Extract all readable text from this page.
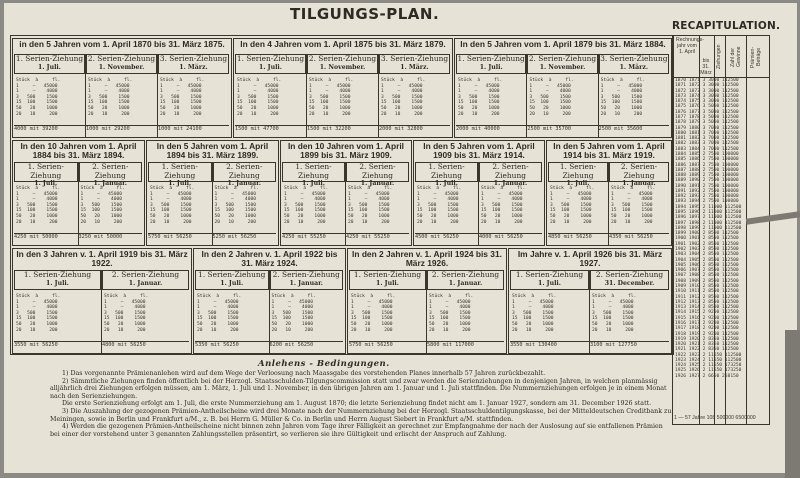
TILGUNGS-PLAN.
RECAPITULATION.
in den 5 Jahren vom 1. April 1870 bis 31. März 1875.
1. Serien-Ziehung
1. Juli.
Stück  à     fl.
1     —   45000
1     —    4000
3   500    1500
15  100    1500
50   20    1000
20   10     200
4000 mit 39200
2. Serien-Ziehung
1. November.
Stück  à     fl.
1     —   45000
1     —    4000
3   500    1500
15  100    1500
50   20    1000
20   10     200
1000 mit 29200
3. Serien-Ziehung
1. März.
Stück  à     fl.
1     —   45000
1     —    4000
3   500    1500
15  100    1500
50   20    1000
20   10     200
1000 mit 24100
In den 4 Jahren vom 1. April 1875 bis 31. März 1879.
1. Serien-Ziehung
1. Juli.
Stück  à     fl.
1     —   45000
1     —    4000
3   500    1500
15  100    1500
50   20    1000
20   10     200
1500 mit 47700
2. Serien-Ziehung
1. November.
Stück  à     fl.
1     —   45000
1     —    4000
3   500    1500
15  100    1500
50   20    1000
20   10     200
1500 mit 32200
3. Serien-Ziehung
1. März.
Stück  à     fl.
1     —   45000
1     —    4000
3   500    1500
15  100    1500
50   20    1000
20   10     200
2000 mit 32800
In den 5 Jahren vom 1. April 1879 bis 31. März 1884.
1. Serien-Ziehung
1. Juli.
Stück  à     fl.
1     —   45000
1     —    4000
3   500    1500
15  100    1500
50   20    1000
20   10     200
2000 mit 40000
2. Serien-Ziehung
1. November.
Stück  à     fl.
1     —   45000
1     —    4000
3   500    1500
15  100    1500
50   20    1000
20   10     200
2500 mit 35700
3. Serien-Ziehung
1. März.
Stück  à     fl.
1     —   45000
1     —    4000
3   500    1500
15  100    1500
50   20    1000
20   10     200
2500 mit 35600
In den 10 Jahren vom 1. April 1884 bis 31. März 1894.
1. Serien-Ziehung
1. Juli.
Stück  à     fl.
1     —   45000
1     —    4000
3   500    1500
15  100    1500
50   20    1000
20   10     200
4250 mit 50000
2. Serien-Ziehung
1. Januar.
Stück  à     fl.
1     —   45000
1     —    4000
3   500    1500
15  100    1500
50   20    1000
20   10     200
3250 mit 50000
In den 5 Jahren vom 1. April 1894 bis 31. März 1899.
1. Serien-Ziehung
1. Juli.
Stück  à     fl.
1     —   45000
1     —    4000
3   500    1500
15  100    1500
50   20    1000
20   10     200
5750 mit 56250
2. Serien-Ziehung
1. Januar.
Stück  à     fl.
1     —   45000
1     —    4000
3   500    1500
15  100    1500
50   20    1000
20   10     200
5250 mit 56250
In den 10 Jahren vom 1. April 1899 bis 31. März 1909.
1. Serien-Ziehung
1. Juli.
Stück  à     fl.
1     —   45000
1     —    4000
3   500    1500
15  100    1500
50   20    1000
20   10     200
4250 mit 55250
2. Serien-Ziehung
1. Januar.
Stück  à     fl.
1     —   45000
1     —    4000
3   500    1500
15  100    1500
50   20    1000
20   10     200
4250 mit 55250
In den 5 Jahren vom 1. April 1909 bis 31. März 1914.
1. Serien-Ziehung
1. Juli.
Stück  à     fl.
1     —   45000
1     —    4000
3   500    1500
15  100    1500
50   20    1000
20   10     200
4500 mit 56250
2. Serien-Ziehung
1. Januar.
Stück  à     fl.
1     —   45000
1     —    4000
3   500    1500
15  100    1500
50   20    1000
20   10     200
4000 mit 56250
In den 5 Jahren vom 1. April 1914 bis 31. März 1919.
1. Serien-Ziehung
1. Juli.
Stück  à     fl.
1     —   45000
1     —    4000
3   500    1500
15  100    1500
50   20    1000
20   10     200
4850 mit 56250
2. Serien-Ziehung
1. Januar.
Stück  à     fl.
1     —   45000
1     —    4000
3   500    1500
15  100    1500
50   20    1000
20   10     200
4350 mit 56250
In den 3 Jahren v. 1. April 1919 bis 31. März 1922.
1. Serien-Ziehung
1. Juli.
Stück  à     fl.
1     —   45000
1     —    4000
3   500    1500
15  100    1500
50   20    1000
20   10     200
3550 mit 56250
2. Serien-Ziehung
1. Januar.
Stück  à     fl.
1     —   45000
1     —    4000
3   500    1500
15  100    1500
50   20    1000
20   10     200
4800 mit 56250
In den 2 Jahren v. 1. April 1922 bis 31. März 1924.
1. Serien-Ziehung
1. Juli.
Stück  à     fl.
1     —   45000
1     —    4000
3   500    1500
15  100    1500
50   20    1000
20   10     200
5350 mit 56250
2. Serien-Ziehung
1. Januar.
Stück  à     fl.
1     —   45000
1     —    4000
3   500    1500
15  100    1500
50   20    1000
20   10     200
6200 mit 56250
In den 2 Jahren v. 1. April 1924 bis 31. März 1926.
1. Serien-Ziehung
1. Juli.
Stück  à     fl.
1     —   45000
1     —    4000
3   500    1500
15  100    1500
50   20    1000
20   10     200
5750 mit 56250
2. Serien-Ziehung
1. Januar.
Stück  à     fl.
1     —   45000
1     —    4000
3   500    1500
15  100    1500
50   20    1000
20   10     200
5800 mit 117000
Im Jahre v. 1. April 1926 bis 31. März 1927.
1. Serien-Ziehung
1. Juli.
Stück  à     fl.
1     —   45000
1     —    4000
3   500    1500
15  100    1500
50   20    1000
20   10     200
3550 mit 130400
2. Serien-Ziehung
31. December.
Stück  à     fl.
1     —   45000
1     —    4000
3   500    1500
15  100    1500
50   20    1000
20   10     200
3100 mit 127750
Rechnungs-jahr vom 1. April
bis 31. März
Ziehungen Zahl der Gewinne Prämien-Beträge
1870 1871 3 3000 112500
1871 1872 3 3000 112500
1872 1873 3 3000 112500
1873 1874 3 3000 112500
1874 1875 3 3000 112500
1875 1876 3 5000 112500
1876 1877 3 5000 112500
1877 1878 3 5000 112500
1878 1879 3 5000 112500
1879 1880 3 7000 112500
1880 1881 3 7000 112500
1881 1882 3 7000 112500
1882 1883 3 7000 112500
1883 1884 3 7000 112500
1884 1885 2 7500 100000
1885 1886 2 7500 100000
1886 1887 2 7500 100000
1887 1888 2 7500 100000
1888 1889 2 7500 100000
1889 1890 2 7500 100000
1890 1891 2 7500 100000
1891 1892 2 7500 100000
1892 1893 2 7500 100000
1893 1894 2 7500 100000
1894 1895 2 11000 112500
1895 1896 2 11000 112500
1896 1897 2 11000 112500
1897 1898 2 11000 112500
1898 1899 2 11000 112500
1899 1900 2 8500 112500
1900 1901 2 8500 112500
1901 1902 2 8500 112500
1902 1903 2 8500 112500
1903 1904 2 8500 112500
1904 1905 2 8500 112500
1905 1906 2 8500 112500
1906 1907 2 8500 112500
1907 1908 2 8500 112500
1908 1909 2 8500 112500
1909 1910 2 8500 112500
1910 1911 2 8500 112500
1911 1912 2 8500 112500
1912 1913 2 8500 112500
1913 1914 2 8500 112500
1914 1915 2 9200 112500
1915 1916 2 9200 112500
1916 1917 2 9200 112500
1917 1918 2 9200 112500
1918 1919 2 9200 112500
1919 1920 2 8350 112500
1920 1921 2 8350 112500
1921 1922 2 8350 112500
1922 1923 2 11550 112500
1923 1924 2 11550 112500
1924 1925 2 11550 173250
1925 1926 2 11550 173250
1926 1927 2 6650 258150
1 — 57 Jahre 108 500000 6500000
Anlehens - Bedingungen.

1) Das vorgenannte Prämienanlehen wird auf dem Wege der Verloosung nach Maassgabe des vorstehenden Planes innerhalb 57 Jahren zurückbezahlt.

2) Sämmtliche Ziehungen finden öffentlich bei der Herzogl. Staatsschulden-Tilgungscommission statt und zwar werden die Serienziehungen in denjenigen Jahren, in welchen planmässig alljährlich drei Ziehungen erfolgen müssen, am 1. März, 1. Juli und 1. November, in den übrigen Jahren am 1. Januar und 1. Juli stattfinden. Die Nummernziehungen erfolgen je in einem Monat nach den Serienziehungen.

Die erste Serienziehung erfolgt am 1. Juli, die erste Nummerziehung am 1. August 1870; die letzte Serienziehung findet nicht am 1. Januar 1927, sondern am 31. December 1926 statt.

3) Die Auszahlung der gezogenen Prämien-Antheilscheine wird drei Monate nach der Nummernziehung bei der Herzogl. Staatsschuldentilgungskasse, bei der Mitteldeutschen Creditbank zu Meiningen, sowie in Berlin und Frankfurt a/M., z. B. bei Herrn G. Müller & Co. in Berlin und Herrn August Siebert in Frankfurt a/M. stattfinden.

4) Werden die gezogenen Prämien-Antheilscheine nicht binnen zehn Jahren vom Tage ihrer Fälligkeit an gerechnet zur Empfangnahme der nach der Auslosung auf sie entfallenen Prämien bei einer der vorstehend unter 3 genannten Zahlungsstellen präsentirt, so verlieren sie ihre Gültigkeit und erlischt der Anspruch auf Zahlung.
